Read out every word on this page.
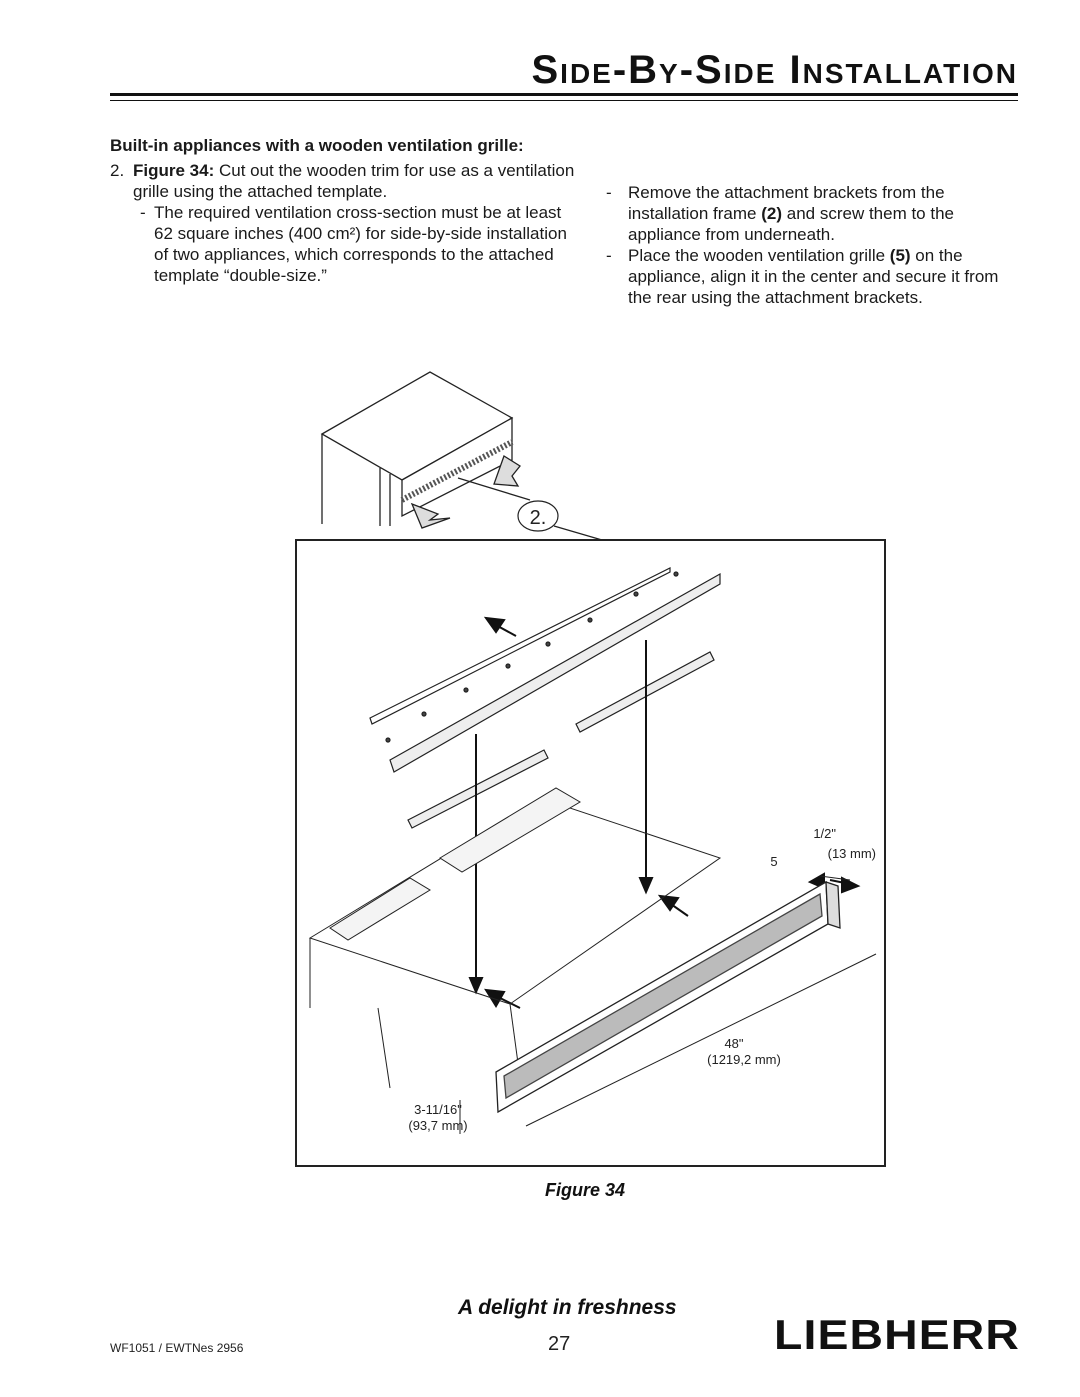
Side-By-Side Installation
Built-in appliances with a wooden ventilation grille:
2. Figure 34: Cut out the wooden trim for use as a ventilation grille using the attached template.
- The required ventilation cross-section must be at least 62 square inches (400 cm²) for side-by-side installation of two appliances, which corresponds to the attached template “double-size.”
- Remove the attachment brackets from the installation frame (2) and screw them to the appliance from underneath.
- Place the wooden ventilation grille (5) on the appliance, align it in the center and secure it from the rear using the attachment brackets.
2.
1/2"
(13 mm)
5
48"
(1219,2 mm)
3-11/16"
(93,7 mm)
Figure 34
A delight in freshness
WF1051 / EWTNes 2956	27	LIEBHERR
